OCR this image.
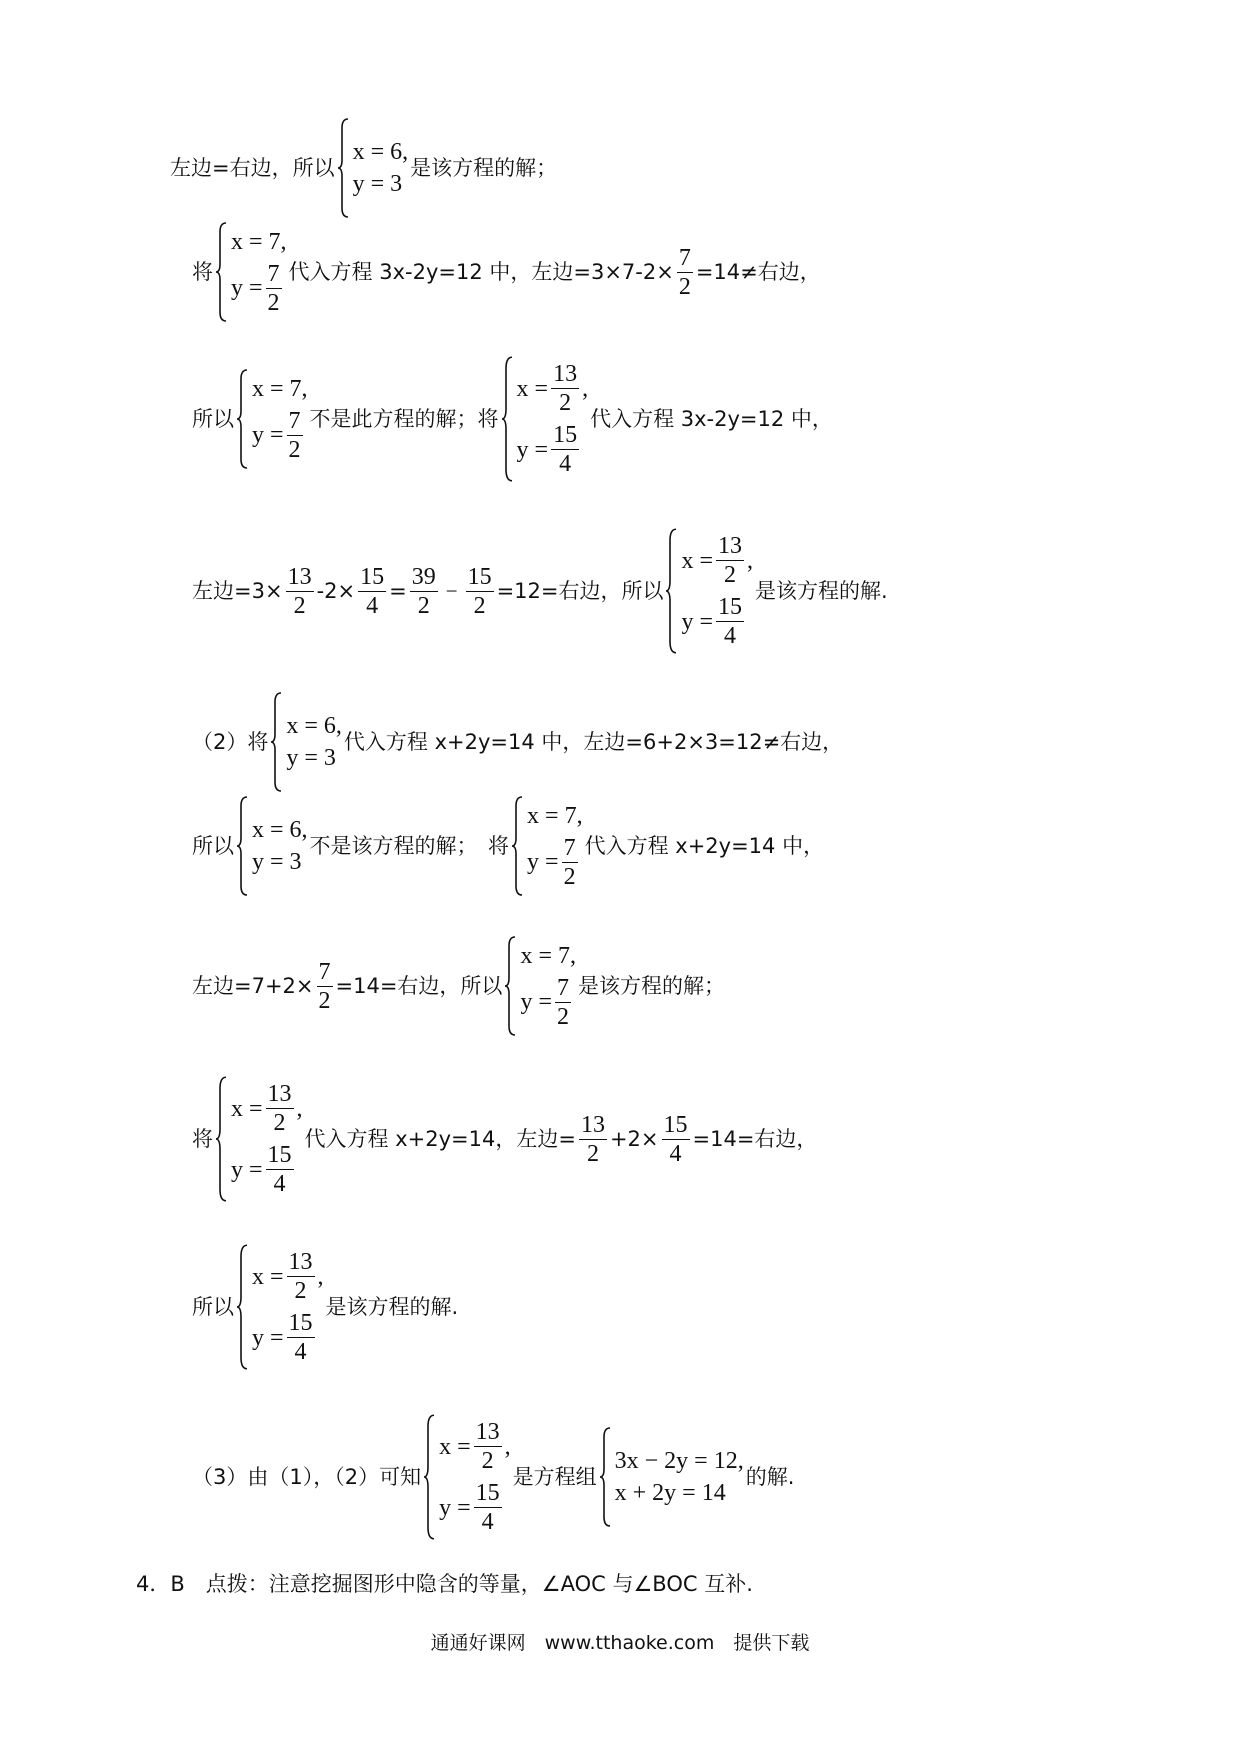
左边=右边，所以
x = 6,
y = 3
是该方程的解；
将
x = 7,
$y = \frac{7}{2}$ 代入方程 3x-2y=12 中，左边$=3\times 7-2\times \frac{7}{2} =14\ne$右边，
所以
x = 7,
$y = \frac{7}{2}$ 不是此方程的解；将
$x = \frac{13}{2}$ ,
$y = \frac{15}{4}$
代入方程 3x-2y=12 中，
左边$=3\times \frac{13}{2} -2\times \frac{15}{4} = \frac{39}{2} - \frac{15}{2} =12=$右边，所以
$x = \frac{13}{2}$ ,
$y = \frac{15}{4}$
是该方程的解.
（2）将
x = 6,
y = 3
代入方程 x+2y=14 中，左边=6+2×3=12≠右边，
所以
x = 6,
y = 3
不是该方程的解；　将
x = 7,
$y = \frac{7}{2}$ 代入方程 x+2y=14 中，
左边$=7+2\times \frac{7}{2} =14=$右边，所以
x = 7,
$y = \frac{7}{2}$ 是该方程的解；
将
$x = \frac{13}{2}$ ,
$y = \frac{15}{4}$
代入方程 x+2y=14，左边= $\frac{13}{2} +2\times \frac{15}{4} =14=$右边，
所以
$x = \frac{13}{2}$ ,
$y = \frac{15}{4}$
是该方程的解.
（3）由（1），（2）可知
$x = \frac{13}{2}$ ,
$y = \frac{15}{4}$
是方程组
3x − 2y = 12,
x + 2y = 14
的解.
4．B　点拨：注意挖掘图形中隐含的等量，∠AOC 与∠BOC 互补.
通通好课网　www.tthaoke.com　提供下载
